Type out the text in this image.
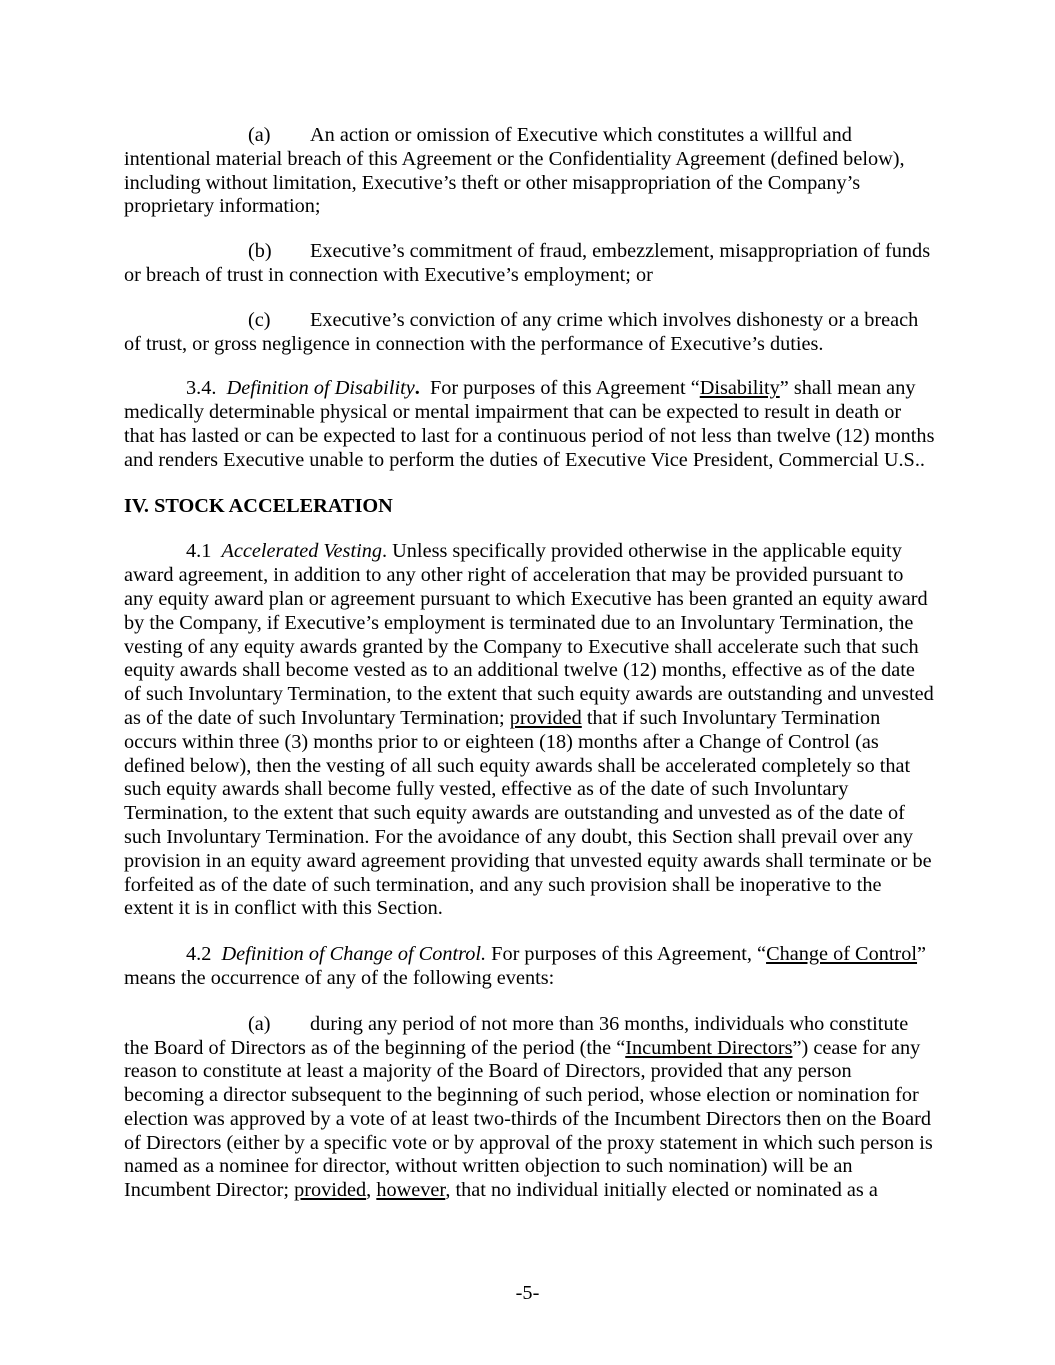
(a) An action or omission of Executive which constitutes a willful and intentional material breach of this Agreement or the Confidentiality Agreement (defined below), including without limitation, Executive’s theft or other misappropriation of the Company’s proprietary information;

(b) Executive’s commitment of fraud, embezzlement, misappropriation of funds or breach of trust in connection with Executive’s employment; or

(c) Executive’s conviction of any crime which involves dishonesty or a breach of trust, or gross negligence in connection with the performance of Executive’s duties.

3.4. Definition of Disability. For purposes of this Agreement “Disability” shall mean any medically determinable physical or mental impairment that can be expected to result in death or that has lasted or can be expected to last for a continuous period of not less than twelve (12) months and renders Executive unable to perform the duties of Executive Vice President, Commercial U.S..

IV. STOCK ACCELERATION

4.1 Accelerated Vesting. Unless specifically provided otherwise in the applicable equity award agreement, in addition to any other right of acceleration that may be provided pursuant to any equity award plan or agreement pursuant to which Executive has been granted an equity award by the Company, if Executive’s employment is terminated due to an Involuntary Termination, the vesting of any equity awards granted by the Company to Executive shall accelerate such that such equity awards shall become vested as to an additional twelve (12) months, effective as of the date of such Involuntary Termination, to the extent that such equity awards are outstanding and unvested as of the date of such Involuntary Termination; provided that if such Involuntary Termination occurs within three (3) months prior to or eighteen (18) months after a Change of Control (as defined below), then the vesting of all such equity awards shall be accelerated completely so that such equity awards shall become fully vested, effective as of the date of such Involuntary Termination, to the extent that such equity awards are outstanding and unvested as of the date of such Involuntary Termination. For the avoidance of any doubt, this Section shall prevail over any provision in an equity award agreement providing that unvested equity awards shall terminate or be forfeited as of the date of such termination, and any such provision shall be inoperative to the extent it is in conflict with this Section.

4.2 Definition of Change of Control. For purposes of this Agreement, “Change of Control” means the occurrence of any of the following events:

(a) during any period of not more than 36 months, individuals who constitute the Board of Directors as of the beginning of the period (the “Incumbent Directors”) cease for any reason to constitute at least a majority of the Board of Directors, provided that any person becoming a director subsequent to the beginning of such period, whose election or nomination for election was approved by a vote of at least two-thirds of the Incumbent Directors then on the Board of Directors (either by a specific vote or by approval of the proxy statement in which such person is named as a nominee for director, without written objection to such nomination) will be an Incumbent Director; provided, however, that no individual initially elected or nominated as a

-5-
